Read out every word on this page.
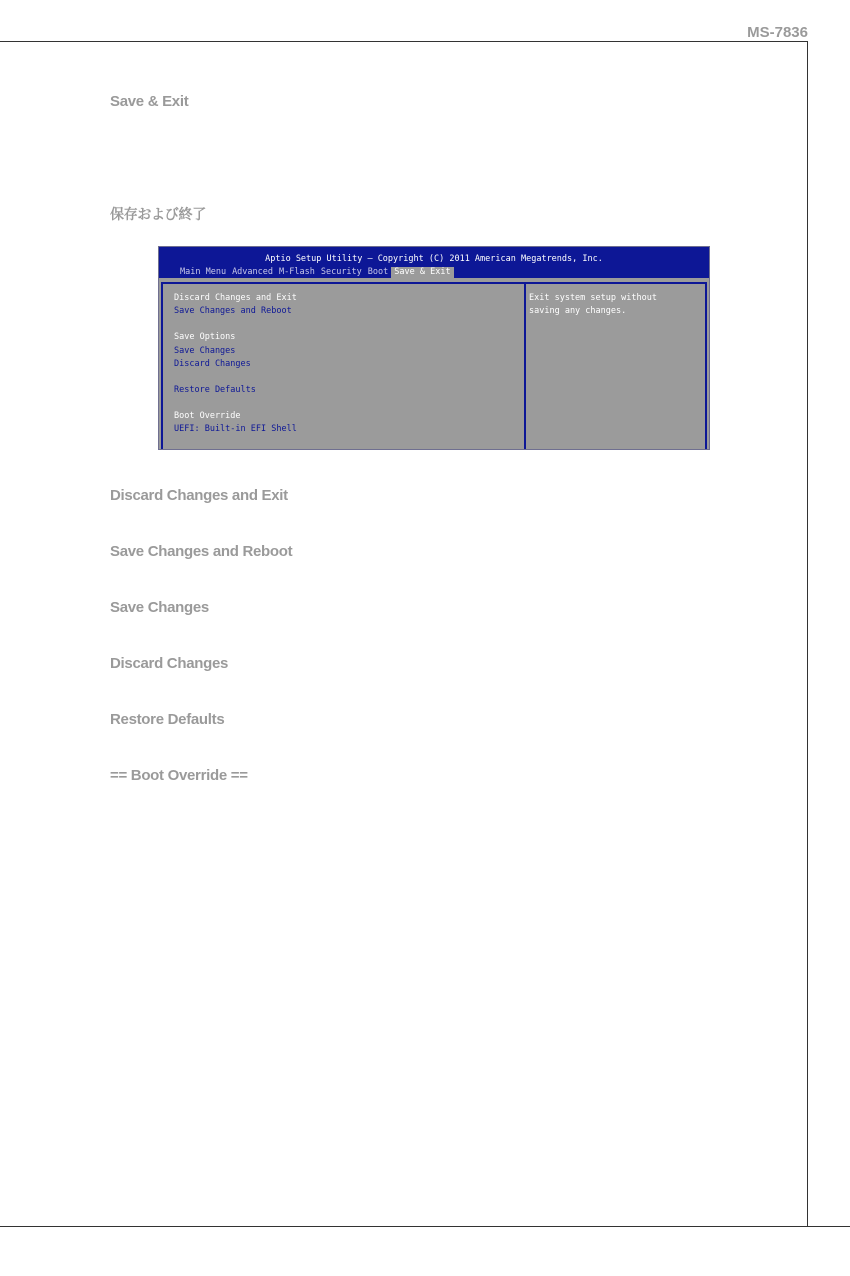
MS-7836
Save & Exit
保存および終了
Aptio Setup Utility – Copyright (C) 2011 American Megatrends, Inc.
Main Menu Advanced M-Flash Security Boot Save & Exit
Discard Changes and Exit
Save Changes and Reboot
Save Options
Save Changes
Discard Changes
Restore Defaults
Boot Override
UEFI: Built-in EFI Shell
Exit system setup without
saving any changes.
Discard Changes and Exit
Save Changes and Reboot
Save Changes
Discard Changes
Restore Defaults
== Boot Override ==
